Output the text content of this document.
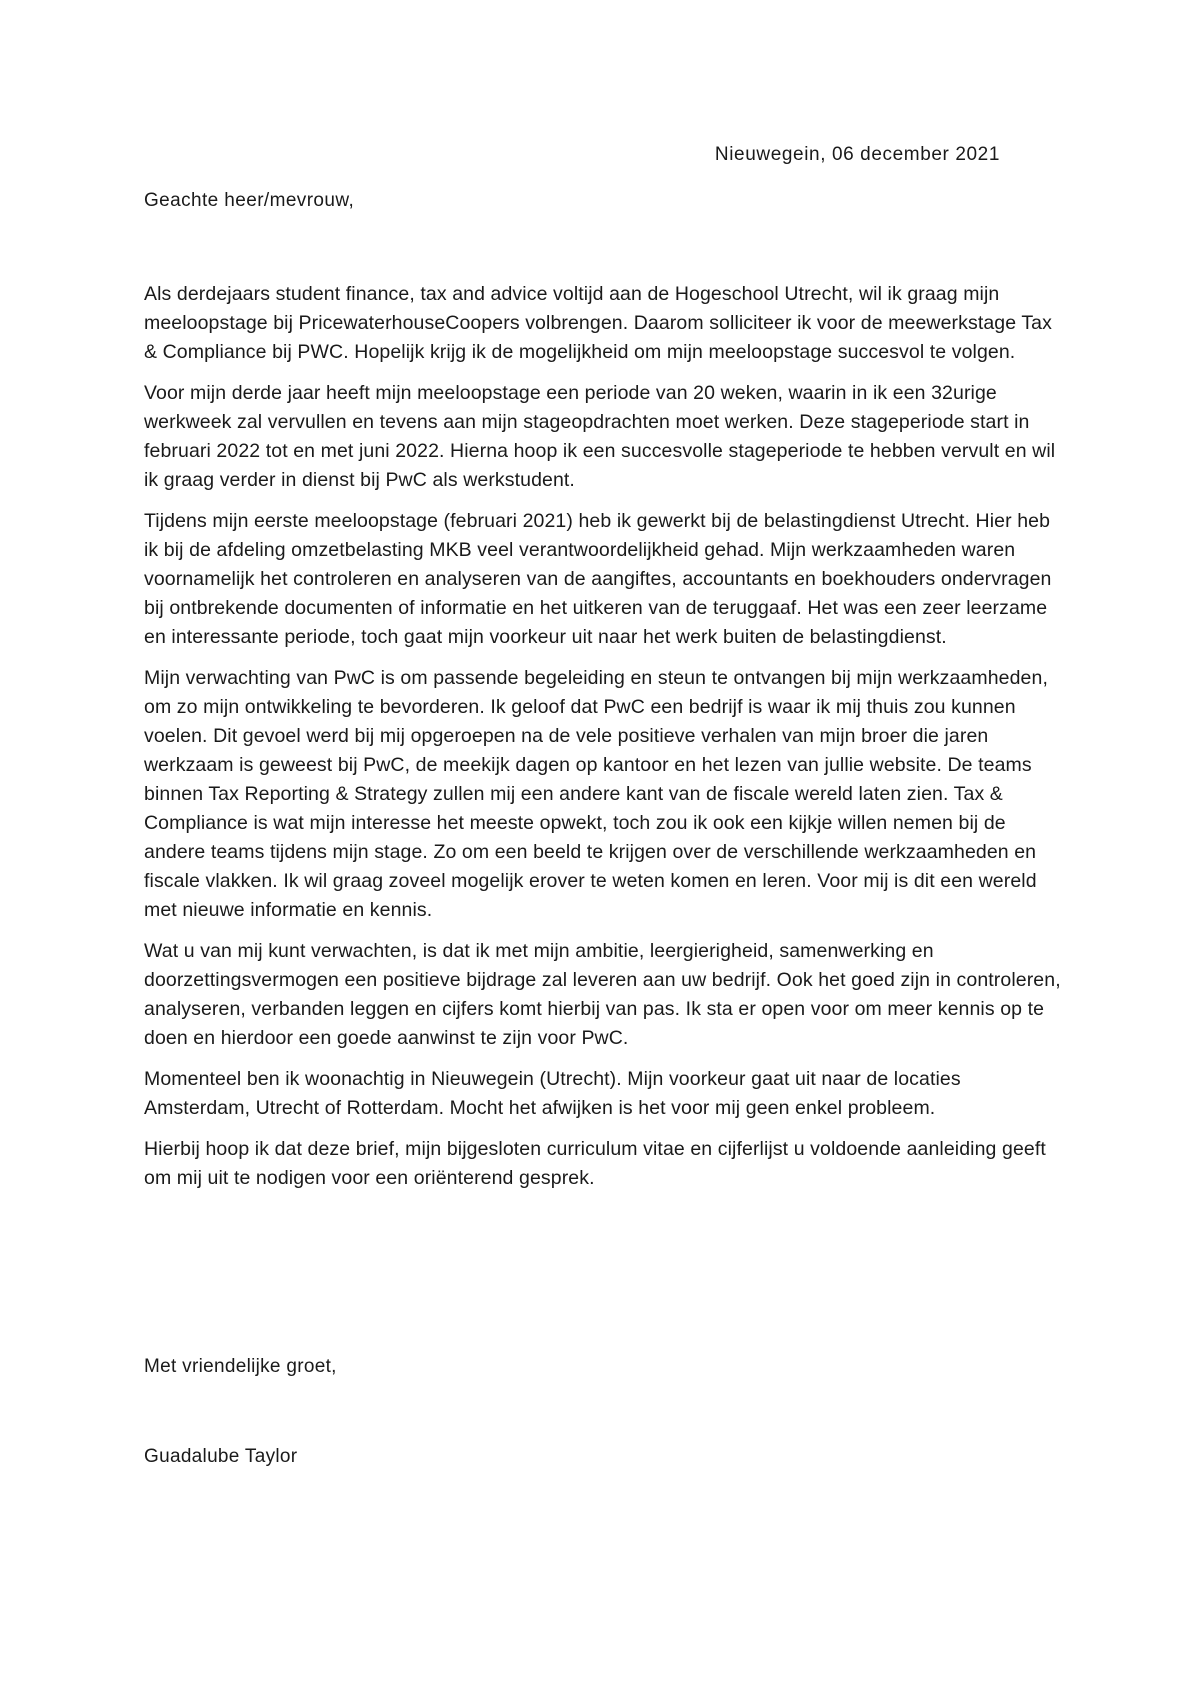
Nieuwegein, 06 december 2021
Geachte heer/mevrouw,

Als derdejaars student finance, tax and advice voltijd aan de Hogeschool Utrecht, wil ik graag mijn meeloopstage bij PricewaterhouseCoopers volbrengen. Daarom solliciteer ik voor de meewerkstage Tax & Compliance bij PWC. Hopelijk krijg ik de mogelijkheid om mijn meeloopstage succesvol te volgen.

Voor mijn derde jaar heeft mijn meeloopstage een periode van 20 weken, waarin in ik een 32urige werkweek zal vervullen en tevens aan mijn stageopdrachten moet werken. Deze stageperiode start in februari 2022 tot en met juni 2022. Hierna hoop ik een succesvolle stageperiode te hebben vervult en wil ik graag verder in dienst bij PwC als werkstudent.

Tijdens mijn eerste meeloopstage (februari 2021) heb ik gewerkt bij de belastingdienst Utrecht. Hier heb ik bij de afdeling omzetbelasting MKB veel verantwoordelijkheid gehad. Mijn werkzaamheden waren voornamelijk het controleren en analyseren van de aangiftes, accountants en boekhouders ondervragen bij ontbrekende documenten of informatie en het uitkeren van de teruggaaf. Het was een zeer leerzame en interessante periode, toch gaat mijn voorkeur uit naar het werk buiten de belastingdienst.

Mijn verwachting van PwC is om passende begeleiding en steun te ontvangen bij mijn werkzaamheden, om zo mijn ontwikkeling te bevorderen. Ik geloof dat PwC een bedrijf is waar ik mij thuis zou kunnen voelen. Dit gevoel werd bij mij opgeroepen na de vele positieve verhalen van mijn broer die jaren werkzaam is geweest bij PwC, de meekijk dagen op kantoor en het lezen van jullie website. De teams binnen Tax Reporting & Strategy zullen mij een andere kant van de fiscale wereld laten zien. Tax & Compliance is wat mijn interesse het meeste opwekt, toch zou ik ook een kijkje willen nemen bij de andere teams tijdens mijn stage. Zo om een beeld te krijgen over de verschillende werkzaamheden en fiscale vlakken. Ik wil graag zoveel mogelijk erover te weten komen en leren. Voor mij is dit een wereld met nieuwe informatie en kennis.

Wat u van mij kunt verwachten, is dat ik met mijn ambitie, leergierigheid, samenwerking en doorzettingsvermogen een positieve bijdrage zal leveren aan uw bedrijf. Ook het goed zijn in controleren, analyseren, verbanden leggen en cijfers komt hierbij van pas. Ik sta er open voor om meer kennis op te doen en hierdoor een goede aanwinst te zijn voor PwC.

Momenteel ben ik woonachtig in Nieuwegein (Utrecht). Mijn voorkeur gaat uit naar de locaties Amsterdam, Utrecht of Rotterdam. Mocht het afwijken is het voor mij geen enkel probleem.

Hierbij hoop ik dat deze brief, mijn bijgesloten curriculum vitae en cijferlijst u voldoende aanleiding geeft om mij uit te nodigen voor een oriënterend gesprek.

Met vriendelijke groet,
Guadalube Taylor
